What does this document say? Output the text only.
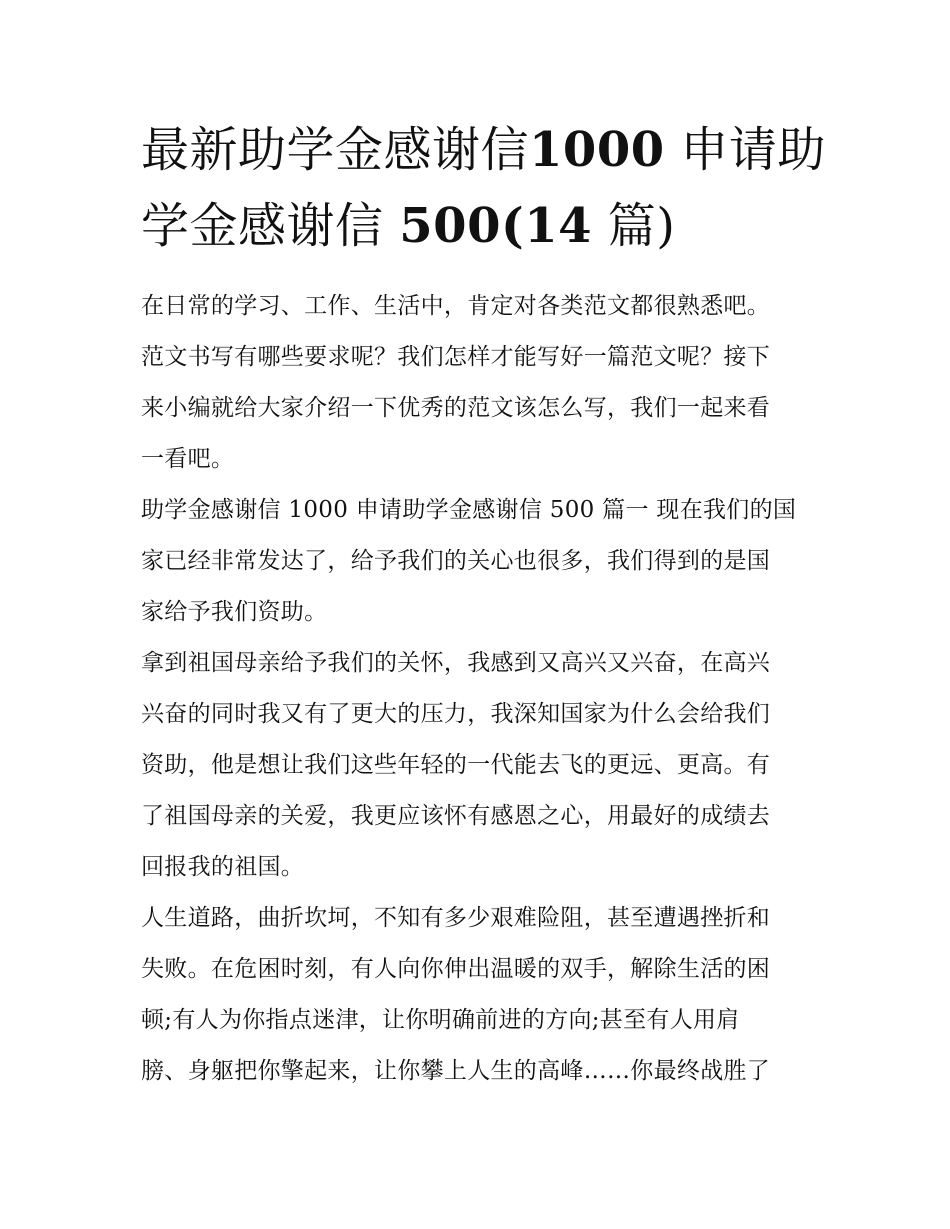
最新助学金感谢信1000 申请助
学金感谢信 500(14 篇)

在日常的学习、工作、生活中，肯定对各类范文都很熟悉吧。
范文书写有哪些要求呢？我们怎样才能写好一篇范文呢？接下
来小编就给大家介绍一下优秀的范文该怎么写，我们一起来看
一看吧。

助学金感谢信 1000 申请助学金感谢信 500 篇一 现在我们的国
家已经非常发达了，给予我们的关心也很多，我们得到的是国
家给予我们资助。

拿到祖国母亲给予我们的关怀，我感到又高兴又兴奋，在高兴
兴奋的同时我又有了更大的压力，我深知国家为什么会给我们
资助，他是想让我们这些年轻的一代能去飞的更远、更高。有
了祖国母亲的关爱，我更应该怀有感恩之心，用最好的成绩去
回报我的祖国。

人生道路，曲折坎坷，不知有多少艰难险阻，甚至遭遇挫折和
失败。在危困时刻，有人向你伸出温暖的双手，解除生活的困
顿;有人为你指点迷津，让你明确前进的方向;甚至有人用肩
膀、身躯把你擎起来，让你攀上人生的高峰……你最终战胜了
